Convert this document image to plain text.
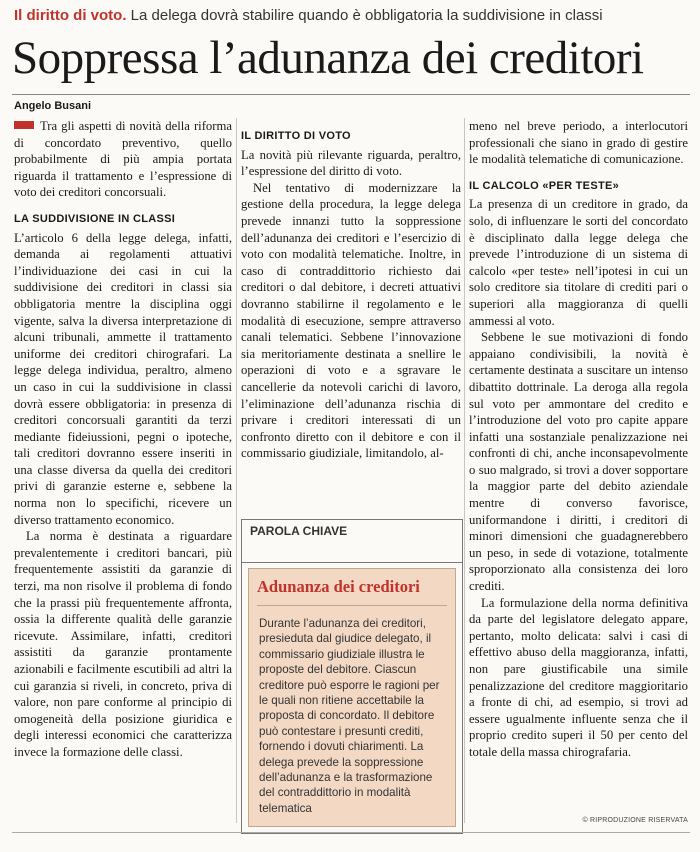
Il diritto di voto. La delega dovrà stabilire quando è obbligatoria la suddivisione in classi
Soppressa l’adunanza dei creditori
Angelo Busani

Tra gli aspetti di novità della riforma di concordato preventivo, quello probabilmente di più ampia portata riguarda il trattamento e l’espressione di voto dei creditori concorsuali.

LA SUDDIVISIONE IN CLASSI

L’articolo 6 della legge delega, infatti, demanda ai regolamenti attuativi l’individuazione dei casi in cui la suddivisione dei creditori in classi sia obbligatoria mentre la disciplina oggi vigente, salva la diversa interpretazione di alcuni tribunali, ammette il trattamento uniforme dei creditori chirografari. La legge delega individua, peraltro, almeno un caso in cui la suddivisione in classi dovrà essere obbligatoria: in presenza di creditori concorsuali garantiti da terzi mediante fideiussioni, pegni o ipoteche, tali creditori dovranno essere inseriti in una classe diversa da quella dei creditori privi di garanzie esterne e, sebbene la norma non lo specifichi, ricevere un diverso trattamento economico.

La norma è destinata a riguardare prevalentemente i creditori bancari, più frequentemente assistiti da garanzie di terzi, ma non risolve il problema di fondo che la prassi più frequentemente affronta, ossia la differente qualità delle garanzie ricevute. Assimilare, infatti, creditori assistiti da garanzie prontamente azionabili e facilmente escutibili ad altri la cui garanzia si riveli, in concreto, priva di valore, non pare conforme al principio di omogeneità della posizione giuridica e degli interessi economici che caratterizza invece la formazione delle classi.

IL DIRITTO DI VOTO

La novità più rilevante riguarda, peraltro, l’espressione del diritto di voto.

Nel tentativo di modernizzare la gestione della procedura, la legge delega prevede innanzi tutto la soppressione dell’adunanza dei creditori e l’esercizio di voto con modalità telematiche. Inoltre, in caso di contraddittorio richiesto dai creditori o dal debitore, i decreti attuativi dovranno stabilirne il regolamento e le modalità di esecuzione, sempre attraverso canali telematici. Sebbene l’innovazione sia meritoriamente destinata a snellire le operazioni di voto e a sgravare le cancellerie da notevoli carichi di lavoro, l’eliminazione dell’adunanza rischia di privare i creditori interessati di un confronto diretto con il debitore e con il commissario giudiziale, limitandolo, al-

PAROLA CHIAVE
Adunanza dei creditori
Durante l’adunanza dei creditori, presieduta dal giudice delegato, il commissario giudiziale illustra le proposte del debitore. Ciascun creditore può esporre le ragioni per le quali non ritiene accettabile la proposta di concordato. Il debitore può contestare i presunti crediti, fornendo i dovuti chiarimenti. La delega prevede la soppressione dell’adunanza e la trasformazione del contraddittorio in modalità telematica

meno nel breve periodo, a interlocutori professionali che siano in grado di gestire le modalità telematiche di comunicazione.

IL CALCOLO «PER TESTE»

La presenza di un creditore in grado, da solo, di influenzare le sorti del concordato è disciplinato dalla legge delega che prevede l’introduzione di un sistema di calcolo «per teste» nell’ipotesi in cui un solo creditore sia titolare di crediti pari o superiori alla maggioranza di quelli ammessi al voto.

Sebbene le sue motivazioni di fondo appaiano condivisibili, la novità è certamente destinata a suscitare un intenso dibattito dottrinale. La deroga alla regola sul voto per ammontare del credito e l’introduzione del voto pro capite appare infatti una sostanziale penalizzazione nei confronti di chi, anche inconsapevolmente o suo malgrado, si trovi a dover sopportare la maggior parte del debito aziendale mentre di converso favorisce, uniformandone i diritti, i creditori di minori dimensioni che guadagnerebbero un peso, in sede di votazione, totalmente sproporzionato alla consistenza dei loro crediti.

La formulazione della norma definitiva da parte del legislatore delegato appare, pertanto, molto delicata: salvi i casi di effettivo abuso della maggioranza, infatti, non pare giustificabile una simile penalizzazione del creditore maggioritario a fronte di chi, ad esempio, si trovi ad essere ugualmente influente senza che il proprio credito superi il 50 per cento del totale della massa chirografaria.

© RIPRODUZIONE RISERVATA
